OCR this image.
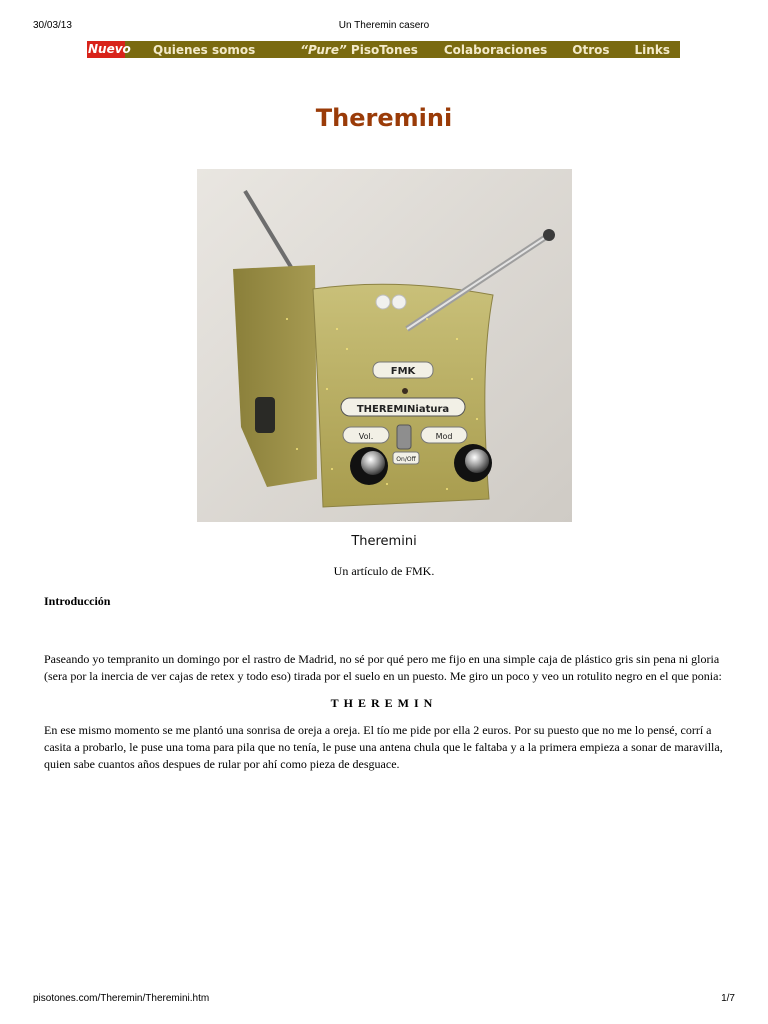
30/03/13	Un Theremin casero
Nuevo Quienes somos	“Pure” PisoTones Colaboraciones Otros Links
Theremini
FMK
THEREMINiatura
Vol.	Mod
On/Off
Theremini
Un artículo de FMK.
Introducción

Paseando yo tempranito un domingo por el rastro de Madrid, no sé por qué pero me fijo en una simple caja de plástico gris sin pena ni gloria (sera por la inercia de ver cajas de retex y todo eso) tirada por el suelo en un puesto. Me giro un poco y veo un rotulito negro en el que ponia:

THEREMIN

En ese mismo momento se me plantó una sonrisa de oreja a oreja. El tío me pide por ella 2 euros. Por su puesto que no me lo pensé, corrí a casita a probarlo, le puse una toma para pila que no tenía, le puse una antena chula que le faltaba y a la primera empieza a sonar de maravilla, quien sabe cuantos años despues de rular por ahí como pieza de desguace.

pisotones.com/Theremin/Theremini.htm	1/7
